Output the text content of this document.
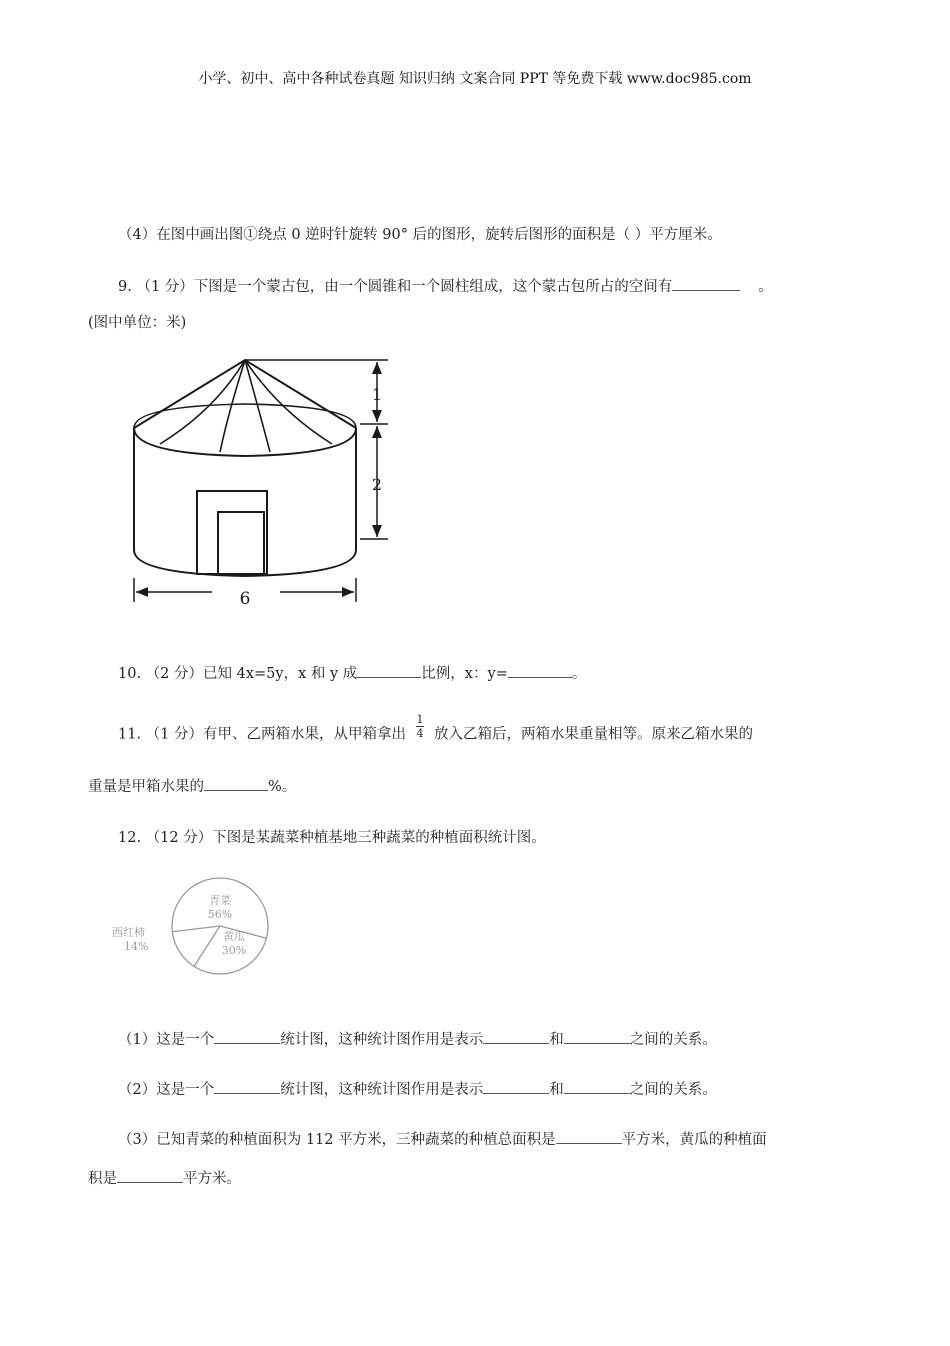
小学、初中、高中各种试卷真题 知识归纳 文案合同 PPT 等免费下载 www.doc985.com
（4）在图中画出图①绕点 0 逆时针旋转 90° 后的图形，旋转后图形的面积是（ ）平方厘米。
9. （1 分）下图是一个蒙古包，由一个圆锥和一个圆柱组成，这个蒙古包所占的空间有	。
(图中单位：米)
1
2
6
10. （2 分）已知 4x=5y，x 和 y 成	比例，x：y=	。
11. （1 分）有甲、乙两箱水果，从甲箱拿出 $\frac{1}{4}$ 放入乙箱后，两箱水果重量相等。原来乙箱水果的
重量是甲箱水果的	%。
12. （12 分）下图是某蔬菜种植基地三种蔬菜的种植面积统计图。
青菜
56%
黄瓜
30%
西红柿
14%
（1）这是一个	统计图，这种统计图作用是表示	和	之间的关系。
（2）这是一个	统计图，这种统计图作用是表示	和	之间的关系。
（3）已知青菜的种植面积为 112 平方米，三种蔬菜的种植总面积是	平方米，黄瓜的种植面
积是	平方米。
